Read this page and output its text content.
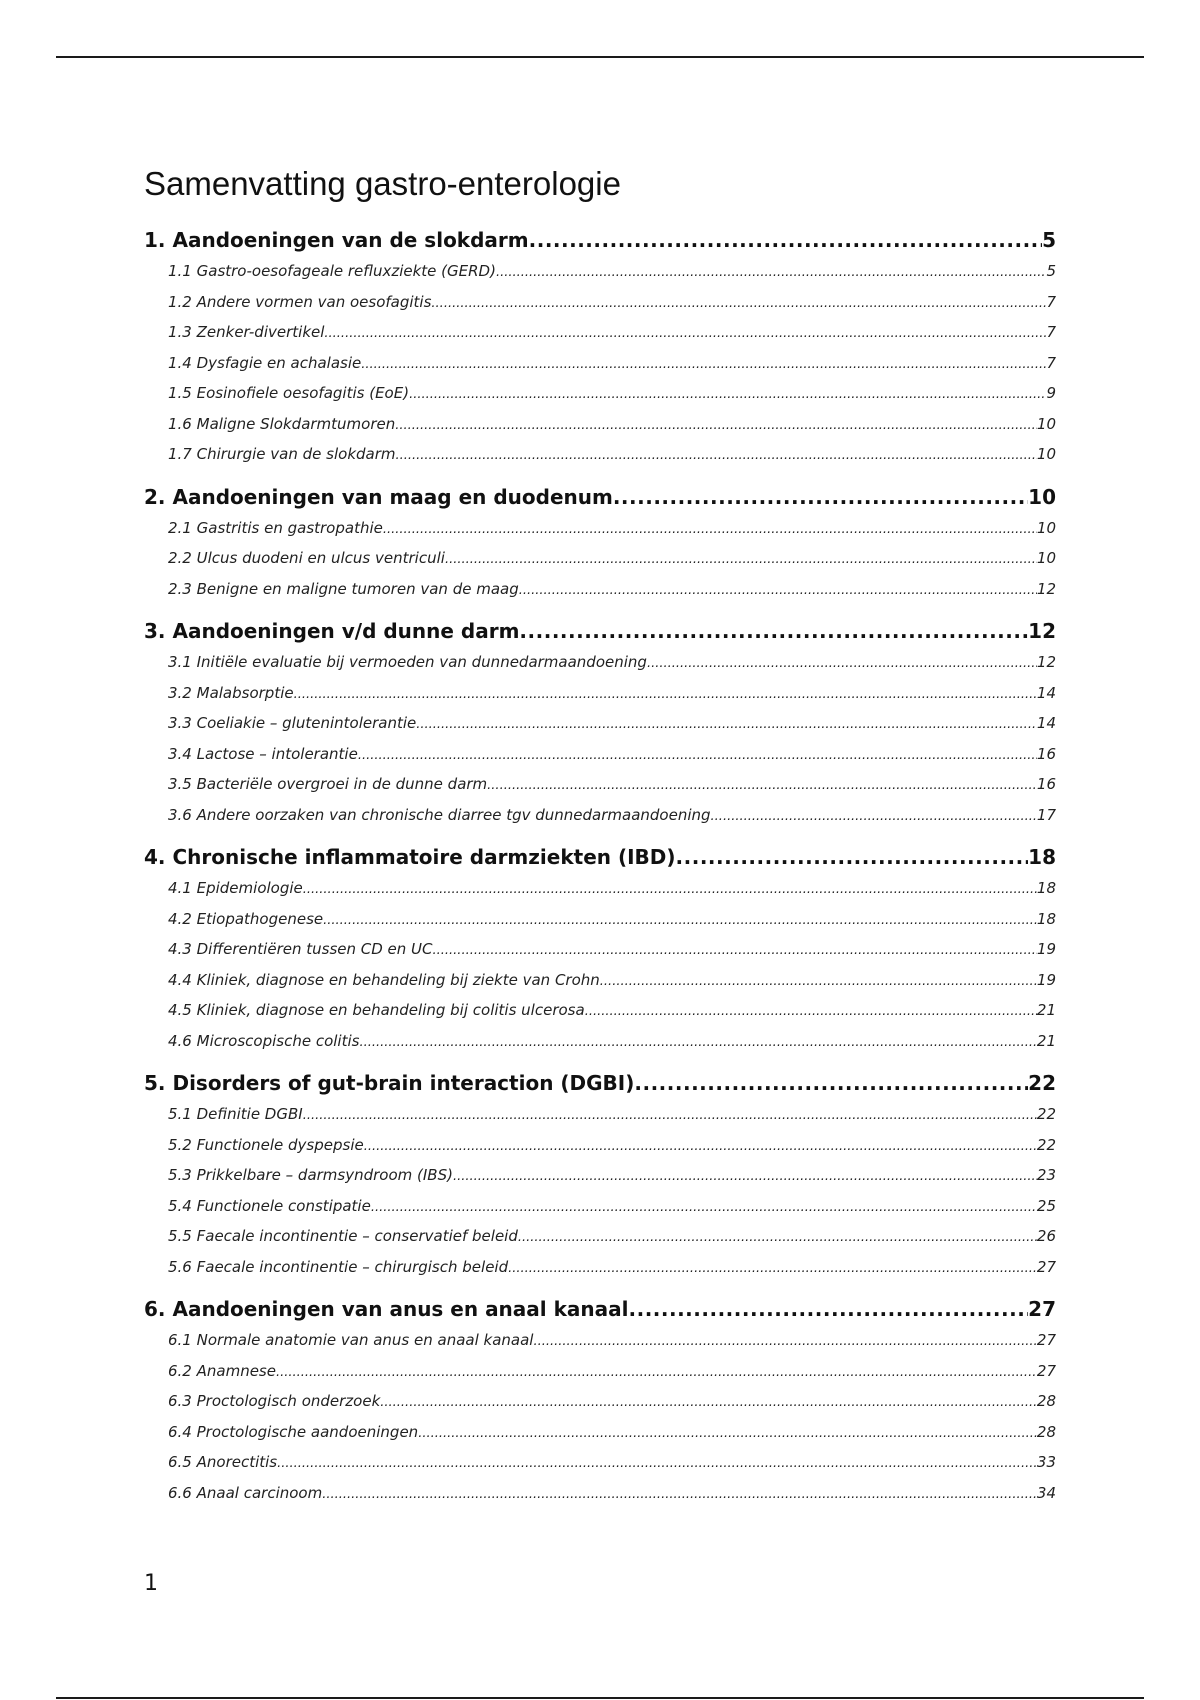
Samenvatting gastro-enterologie
1. Aandoeningen van de slokdarm .....	5
1.1 Gastro-oesofageale refluxziekte (GERD) .....	5
1.2 Andere vormen van oesofagitis .....	7
1.3 Zenker-divertikel .....	7
1.4 Dysfagie en achalasie .....	7
1.5 Eosinofiele oesofagitis (EoE) .....	9
1.6 Maligne Slokdarmtumoren .....	10
1.7 Chirurgie van de slokdarm .....	10
2. Aandoeningen van maag en duodenum .....	10
2.1 Gastritis en gastropathie .....	10
2.2 Ulcus duodeni en ulcus ventriculi .....	10
2.3 Benigne en maligne tumoren van de maag .....	12
3. Aandoeningen v/d dunne darm .....	12
3.1 Initiële evaluatie bij vermoeden van dunnedarmaandoening .....	12
3.2 Malabsorptie .....	14
3.3 Coeliakie – glutenintolerantie .....	14
3.4 Lactose – intolerantie .....	16
3.5 Bacteriële overgroei in de dunne darm .....	16
3.6 Andere oorzaken van chronische diarree tgv dunnedarmaandoening .....	17
4. Chronische inflammatoire darmziekten (IBD) .....	18
4.1 Epidemiologie .....	18
4.2 Etiopathogenese .....	18
4.3 Differentiëren tussen CD en UC .....	19
4.4 Kliniek, diagnose en behandeling bij ziekte van Crohn .....	19
4.5 Kliniek, diagnose en behandeling bij colitis ulcerosa .....	21
4.6 Microscopische colitis .....	21
5. Disorders of gut-brain interaction (DGBI) .....	22
5.1 Definitie DGBI .....	22
5.2 Functionele dyspepsie .....	22
5.3 Prikkelbare – darmsyndroom (IBS) .....	23
5.4 Functionele constipatie .....	25
5.5 Faecale incontinentie – conservatief beleid .....	26
5.6 Faecale incontinentie – chirurgisch beleid .....	27
6. Aandoeningen van anus en anaal kanaal .....	27
6.1 Normale anatomie van anus en anaal kanaal .....	27
6.2 Anamnese .....	27
6.3 Proctologisch onderzoek .....	28
6.4 Proctologische aandoeningen .....	28
6.5 Anorectitis .....	33
6.6 Anaal carcinoom .....	34
1
